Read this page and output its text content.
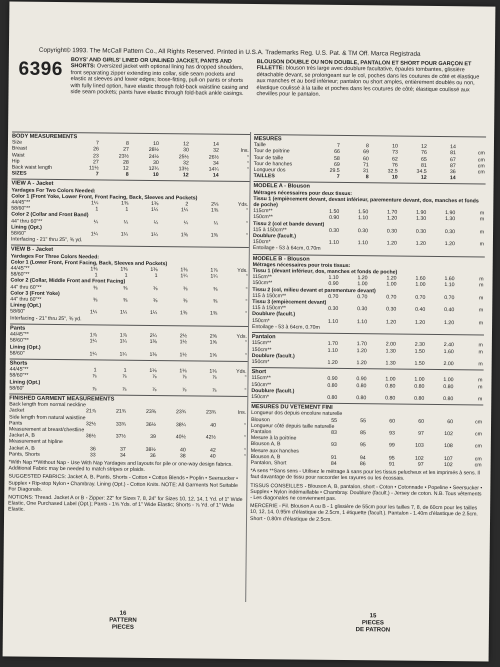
Copyright© 1993. The McCall Pattern Co., All Rights Reserved. Printed in U.S.A. Trademarks Reg. U.S. Pat. & TM Off. Marca Registrada
6396	BOYS' AND GIRLS' LINED OR UNLINED JACKET, PANTS AND SHORTS: Oversized jacket with optional lining has dropped shoulders, front separating zipper extending into collar, side seam pockets and elastic at sleeves and lower edges; loose-fitting, pull-on pants or shorts with fully lined option, have elastic through fold-back waistline casing and side seam pockets; pants have elastic through fold-back ankle casings.
BLOUSON DOUBLE OU NON DOUBLE, PANTALON ET SHORT POUR GARÇON ET FILLETTE: blouson très large avec doublure facultative, épaules tombantes, glissière détachable devant, se prolongeant sur le col, poches dans les coutures de côté et élastique aux manches et au bord inférieur; pantalon ou short amples, entièrement doublés ou non, élastique coulissé à la taille et poches dans les coutures de côté; élastique coulissé aux chevilles pour le pantalon.
BODY MEASUREMENTS
Size	7	8	10	12	14
Breast	26	27	28½	30	32	Ins.
Waist	23	23½	24½	25½	26½	"
Hip	27	28	30	32	34	"
Back waist length	11½	12	12¾	13½	14¼	"
SIZES	7	8	10	12	14
VIEW A - Jacket
Yardages For Two Colors Needed:
Color 1 (Front Yoke, Lower Front, Front Facing, Back, Sleeves and Pockets)
44/45"**	1¼	1⅜	1⅜	2	2⅛	Yds.
58/60"**	1	1	1¼	1¼	1⅜	"
Color 2 (Collar and Front Band)
44" thru 60"**	¼	¼	¼	¼	¼	"
Lining (Opt.)
58/60"	1¼	1¼	1¼	1⅜	1⅜	"
Interfacing - 21" thru 25", ⅜ yd.
VIEW B - Jacket
Yardages For Three Colors Needed:
Color 1 (Lower Front, Front Facing, Back, Sleeves and Pockets)
44/45"**	1⅜	1⅜	1⅜	1⅜	1⅞	Yds.
58/60"**	1	1	1	1¼	1¼	"
Color 2 (Collar, Middle Front and Front Facing)
44" thru 60"**	⅜	⅜	⅜	⅜	⅜	"
Color 3 (Front Yoke)
44" thru 60"**	⅜	⅜	⅜	⅜	⅜	"
Lining (Opt.)
58/60"	1¼	1¼	1¼	1⅜	1⅜	"
Interfacing - 21" thru 25", ⅜ yd.
Pants
44/45"**	1⅞	1⅞	2¼	2½	2⅝	Yds.
58/60"**	1¼	1¼	1⅜	1½	1⅝	"
Lining (Opt.)
58/60"	1¼	1¼	1⅜	1½	1⅝	"
Shorts
44/45"**	1	1	1⅛	1⅛	1⅛	Yds.
58/60"**	⅞	⅞	⅞	⅞	⅞	"
Lining (Opt.)
58/60"	⅞	⅞	⅞	⅞	⅞	"
FINISHED GARMENT MEASUREMENTS
Back length from normal neckline
Jacket	21⅞	21¾	23⅜	23¾	23¾	Ins.
Side length from natural waistline
Pants	32½	33¾	36½	38¼	40	"
Measurement at breast/chestline
Jacket A, B	36½	37½	39	40½	42½	"
Measurement at hipline
Jacket A, B	36	37	38½	40	42	"
Pants, Shorts	33	34	36	38	40	"
*With Nap **Without Nap - Use With Nap Yardages and layouts for pile or one-way design fabrics. Additional Fabric may be needed to match stripes or plaids.
SUGGESTED FABRICS: Jacket A, B, Pants, Shorts - Cotton • Cotton Blends • Poplin • Seersucker • Supplex • Rip-stop Nylon • Chambray. Lining (Opt.) - Cotton Knits. NOTE: All Garments Not Suitable For Diagonals.
NOTIONS: Thread. Jacket A or B - Zipper: 22" for Sizes 7, 8, 24" for Sizes 10, 12, 14, 1 Yd. of 1" Wide Elastic, One Purchased Label (Opt.); Pants - 1⅝ Yds. of 1" Wide Elastic; Shorts - ⅞ Yd. of 1" Wide Elastic.
MESURES
Taille	7	8	10	12	14
Tour de poitrine	66	69	73	76	81	cm
Tour de taille	58	60	62	65	67	cm
Tour de hanches	69	71	76	81	87	cm
Longueur dos	29.5	31	32.5	34.5	36	cm
TAILLES	7	8	10	12	14
MODELE A - Blouson
Métrages nécessaires pour deux tissus:
Tissu 1 (empiècement devant, devant inférieur, parementure devant, dos, manches et fonds de poche)
115cm**	1.50	1.50	1.70	1.90	1.90	m
150cm**	0.90	1.10	1.20	1.30	1.30	m
Tissu 2 (col et bande devant)
115 à 150cm**	0.30	0.30	0.30	0.30	0.30	m
Doublure (facult.)
150cm*	1.10	1.10	1.20	1.20	1.20	m
Entoilage - 53 à 64cm, 0.70m
MODELE B - Blouson
Métrages nécessaires pour trois tissus:
Tissu 1 (devant inférieur, dos, manches et fonds de poche)
115cm**	1.10	1.20	1.20	1.60	1.60	m
150cm**	0.90	1.00	1.00	1.00	1.10	m
Tissu 2 (col, milieu devant et parementure devant)
115 à 150cm**	0.70	0.70	0.70	0.70	0.70	m
Tissu 3 (empiècement devant)
115 à 150cm**	0.30	0.30	0.30	0.40	0.40	m
Doublure (facult.)
150cm*	1.10	1.10	1.20	1.20	1.20	m
Entoilage - 53 à 64cm, 0.70m
Pantalon
115cm**	1.70	1.70	2.00	2.30	2.40	m
150cm**	1.10	1.20	1.30	1.50	1.60	m
Doublure (facult.)
150cm*	1.20	1.20	1.30	1.50	2.00	m
Short
115cm**	0.90	0.90	1.00	1.00	1.00	m
150cm**	0.80	0.80	0.80	0.80	0.80	m
Doublure (facult.)
150cm*	0.80	0.80	0.80	0.80	0.80	m
MESURES DU VETEMENT FINI
Longueur dos depuis encolure naturelle
Blouson	55	55	60	60	60	cm
Longueur côté depuis taille naturelle
Pantalon	83	85	93	97	102	cm
Mesure à la poitrine
Blouson A, B	93	95	99	103	108	cm
Mesure aux hanches
Blouson A, B	91	94	95	102	107	cm
Pantalon, Short	84	86	91	97	102	cm
*A sens **Sans sens - Utilisez le métrage à sans pour les tissus pelucheux et les imprimés à sens. Il faut davantage de tissu pour raccorder les rayures ou les écossais.
TISSUS CONSEILLES - Blouson A, B, pantalon, short - Coton • Cotonnade • Popeline • Seersucker • Supplex • Nylon indémaillable • Chambray. Doublure (facult.) - Jersey de coton. N.B. Tous vêtements - Les diagonales ne conviennent pas.
MERCERIE - Fil. Blouson A ou B - 1 glissière de 55cm pour les tailles 7, 8, de 60cm pour les tailles 10, 12, 14, 0.95m d'élastique de 2.5cm, 1 étiquette (facult.). Pantalon - 1.40m d'élastique de 2.5cm. Short - 0.80m d'élastique de 2.5cm.
16
PATTERN
PIECES
15
PIECES
DE PATRON
